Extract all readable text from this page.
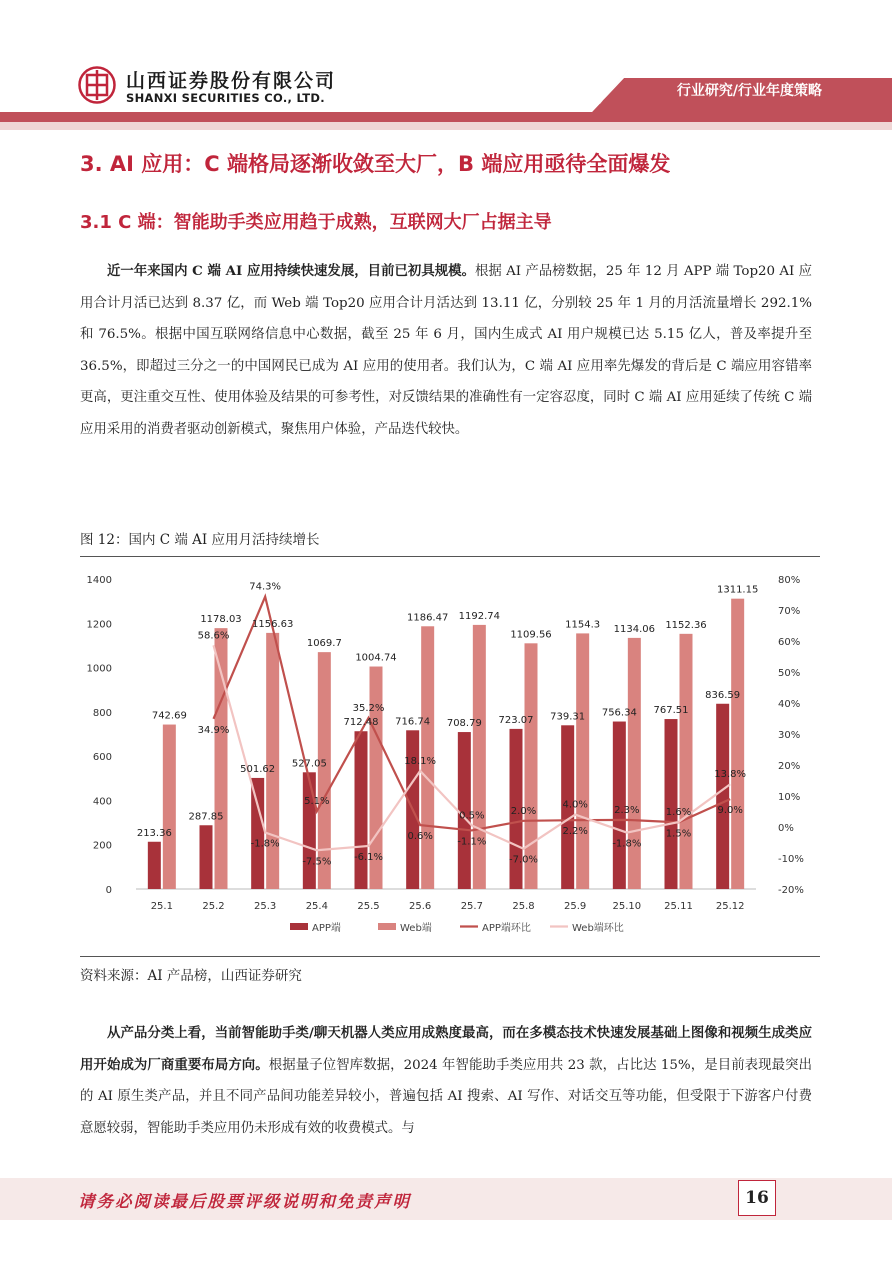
山西证券股份有限公司
SHANXI SECURITIES CO., LTD.	行业研究/行业年度策略
3. AI 应用：C 端格局逐渐收敛至大厂，B 端应用亟待全面爆发
3.1 C 端：智能助手类应用趋于成熟，互联网大厂占据主导

近一年来国内 C 端 AI 应用持续快速发展，目前已初具规模。根据 AI 产品榜数据，25 年 12 月 APP 端 Top20 AI 应用合计月活已达到 8.37 亿，而 Web 端 Top20 应用合计月活达到 13.11 亿，分别较 25 年 1 月的月活流量增长 292.1%和 76.5%。根据中国互联网络信息中心数据，截至 25 年 6 月，国内生成式 AI 用户规模已达 5.15 亿人，普及率提升至 36.5%，即超过三分之一的中国网民已成为 AI 应用的使用者。我们认为，C 端 AI 应用率先爆发的背后是 C 端应用容错率更高，更注重交互性、使用体验及结果的可参考性，对反馈结果的准确性有一定容忍度，同时 C 端 AI 应用延续了传统 C 端应用采用的消费者驱动创新模式，聚焦用户体验，产品迭代较快。

图 12：国内 C 端 AI 应用月活持续增长
0
200
400
600
800
1000
1200
1400
-20%
-10%
0%
10%
20%
30%
40%
50%
60%
70%
80%
25.1	25.2	25.3	25.4	25.5	25.6	25.7	25.8	25.9	25.10 25.11 25.12
213.36
287.85
501.62
527.05
712.48 716.74 708.79 723.07 739.31 756.34 767.51
836.59
742.69
1178.03 1156.63
1069.7
1004.74
1186.47 1192.74
1109.56
1154.3 1134.06 1152.36
1311.15
34.9%
74.3%
5.1%
35.2%
0.6% -1.1%
2.0%
2.2%
2.3%
1.5%
9.0%
58.6%
-1.8%
-7.5% -6.1%
18.1%
0.5%
-7.0%
4.0%
-1.8%
1.6%
13.8%
APP端	Web端	APP端环比	Web端环比
资料来源：AI 产品榜，山西证券研究

从产品分类上看，当前智能助手类/聊天机器人类应用成熟度最高，而在多模态技术快速发展基础上图像和视频生成类应用开始成为厂商重要布局方向。根据量子位智库数据，2024 年智能助手类应用共 23 款，占比达 15%，是目前表现最突出的 AI 原生类产品，并且不同产品间功能差异较小，普遍包括 AI 搜索、AI 写作、对话交互等功能，但受限于下游客户付费意愿较弱，智能助手类应用仍未形成有效的收费模式。与

请务必阅读最后股票评级说明和免责声明	16
